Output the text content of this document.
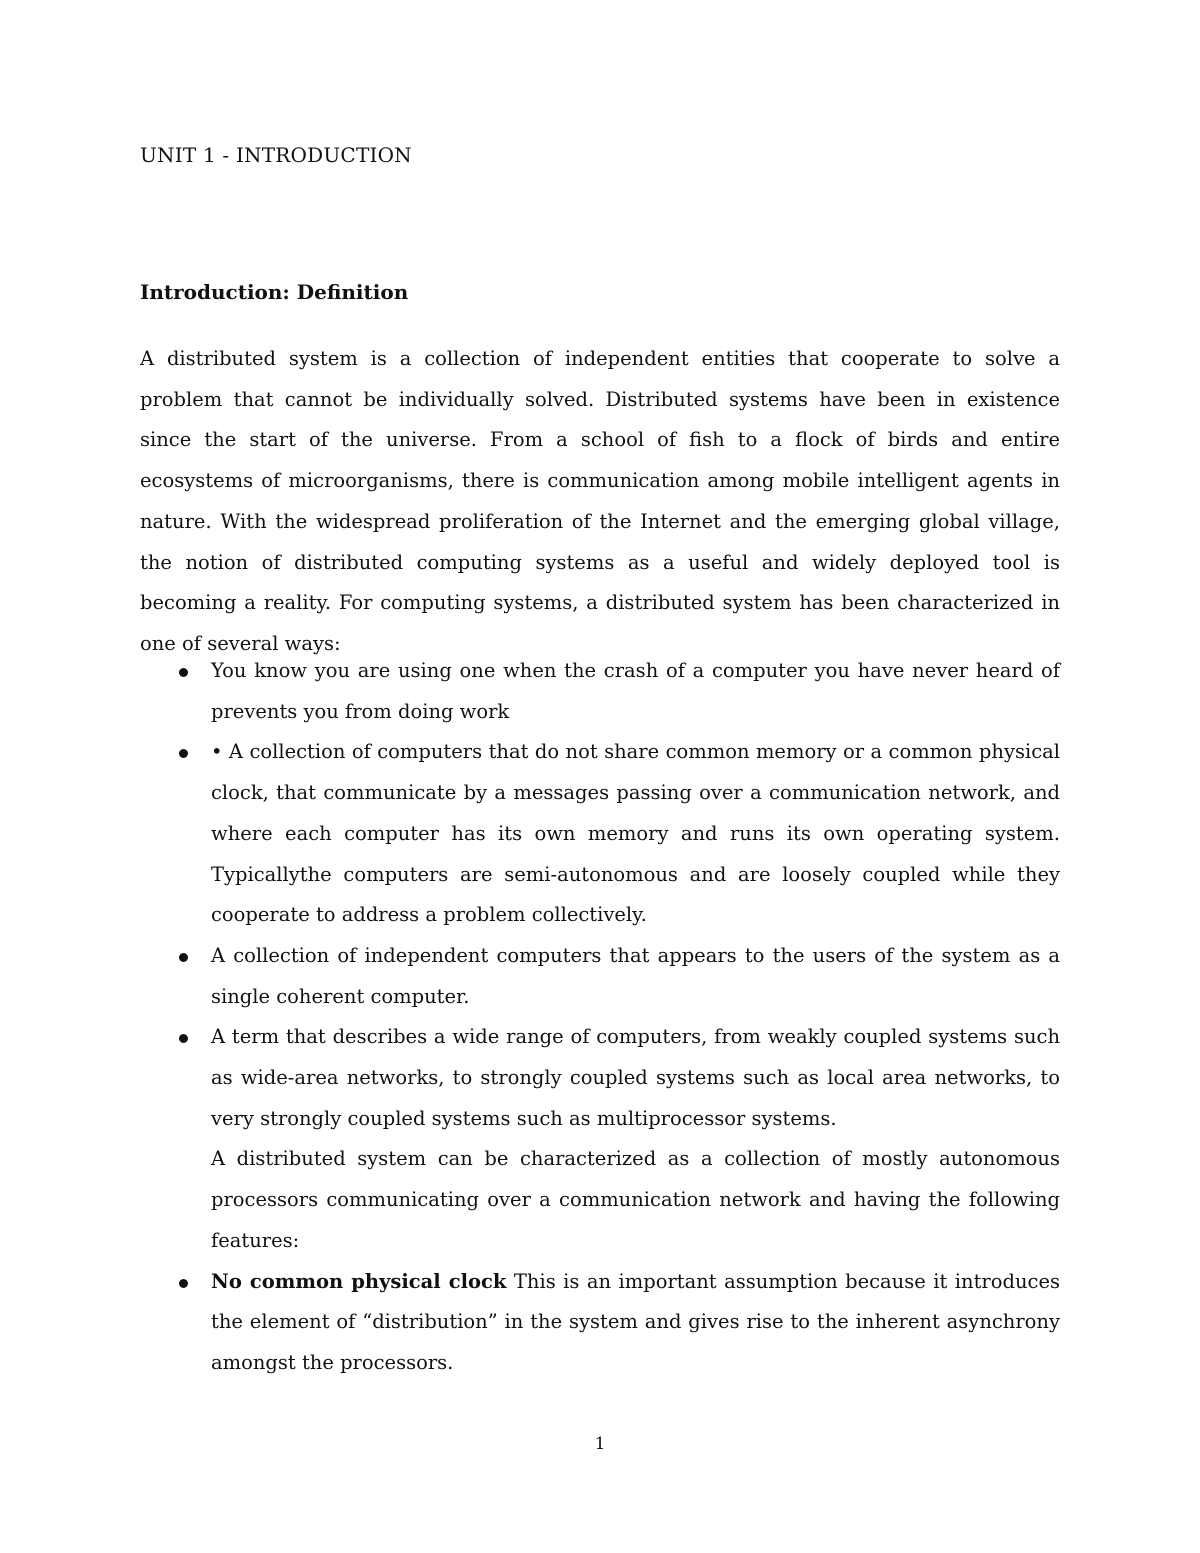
UNIT 1 - INTRODUCTION
Introduction: Definition

A distributed system is a collection of independent entities that cooperate to solve a problem that cannot be individually solved. Distributed systems have been in existence since the start of the universe. From a school of fish to a flock of birds and entire ecosystems of microorganisms, there is communication among mobile intelligent agents in nature. With the widespread proliferation of the Internet and the emerging global village, the notion of distributed computing systems as a useful and widely deployed tool is becoming a reality. For computing systems, a distributed system has been characterized in one of several ways:

You know you are using one when the crash of a computer you have never heard of prevents you from doing work
• A collection of computers that do not share common memory or a common physical clock, that communicate by a messages passing over a communication network, and where each computer has its own memory and runs its own operating system. Typicallythe computers are semi-autonomous and are loosely coupled while they cooperate to address a problem collectively.
A collection of independent computers that appears to the users of the system as a single coherent computer.
A term that describes a wide range of computers, from weakly coupled systems such as wide-area networks, to strongly coupled systems such as local area networks, to very strongly coupled systems such as multiprocessor systems.

A distributed system can be characterized as a collection of mostly autonomous processors communicating over a communication network and having the following features:

No common physical clock This is an important assumption because it introduces the element of “distribution” in the system and gives rise to the inherent asynchrony amongst the processors.

1
